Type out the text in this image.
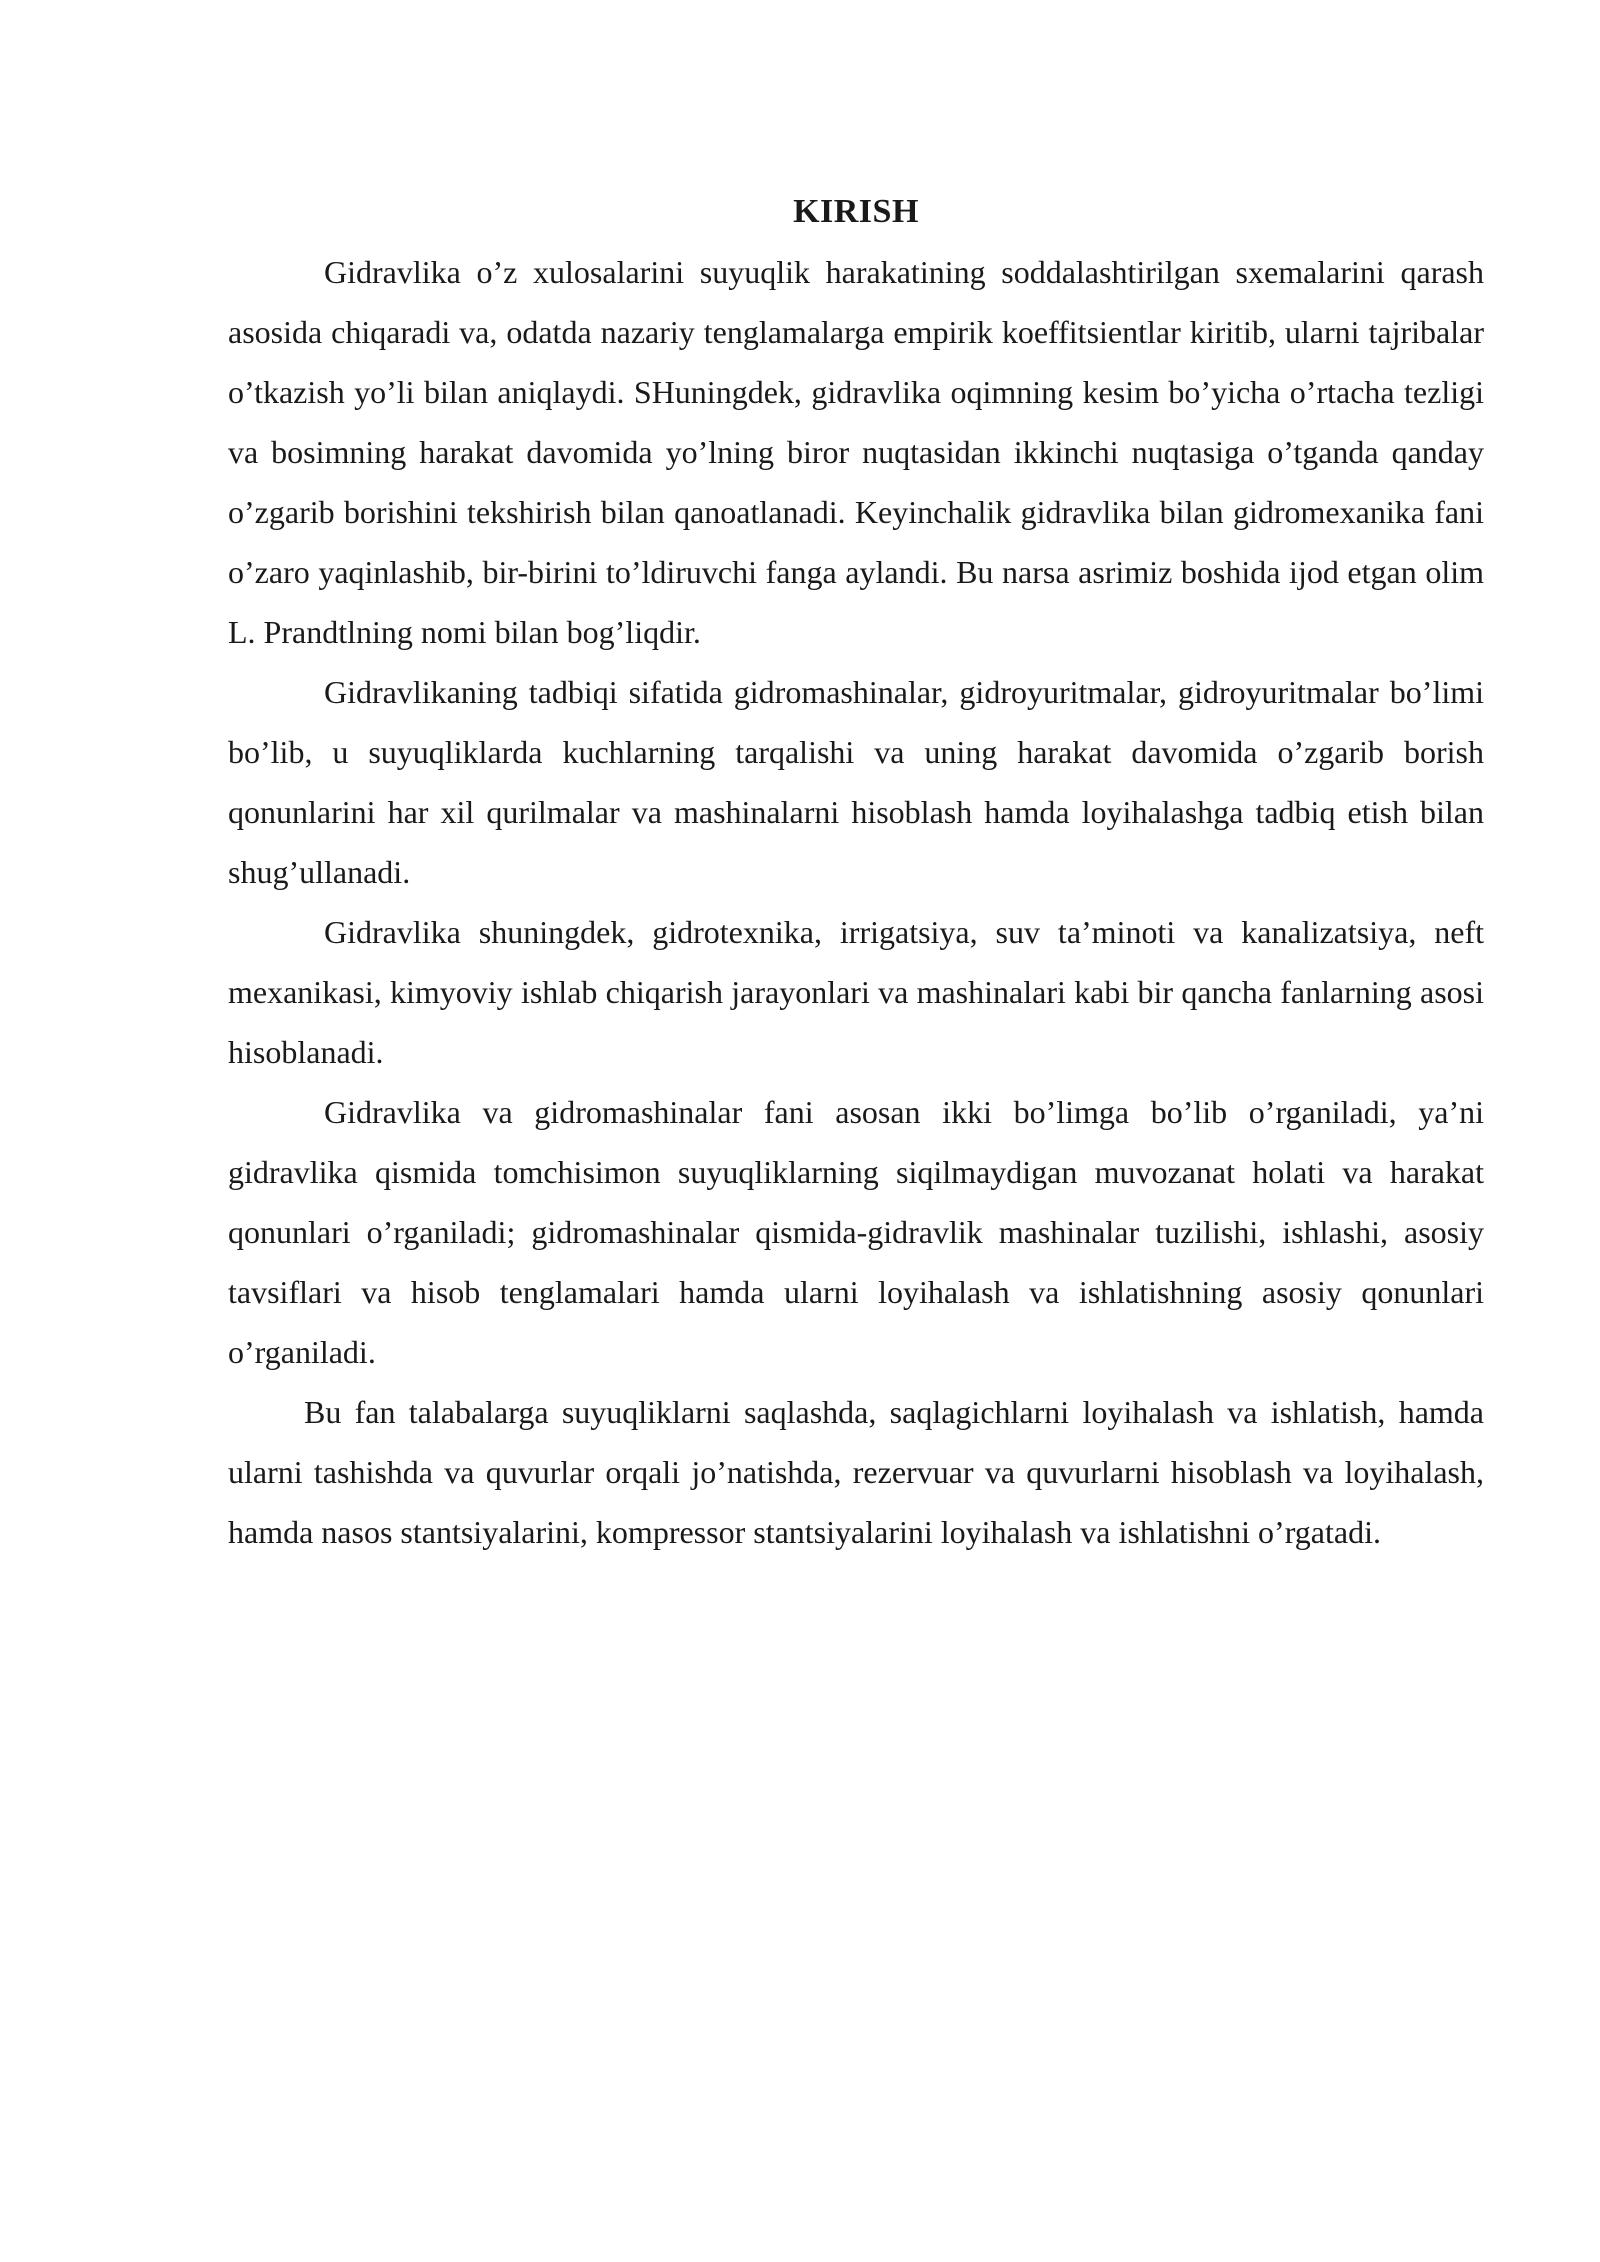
KIRISH

Gidravlika o’z xulosalarini suyuqlik harakatining soddalashtirilgan sxemalarini qarash asosida chiqaradi va, odatda nazariy tenglamalarga empirik koeffitsientlar kiritib, ularni tajribalar o’tkazish yo’li bilan aniqlaydi. SHuningdek, gidravlika oqimning kesim bo’yicha o’rtacha tezligi va bosimning harakat davomida yo’lning biror nuqtasidan ikkinchi nuqtasiga o’tganda qanday o’zgarib borishini tekshirish bilan qanoatlanadi. Keyinchalik gidravlika bilan gidromexanika fani o’zaro yaqinlashib, bir-birini to’ldiruvchi fanga aylandi. Bu narsa asrimiz boshida ijod etgan olim L. Prandtlning nomi bilan bog’liqdir.

Gidravlikaning tadbiqi sifatida gidromashinalar, gidroyuritmalar, gidroyuritmalar bo’limi bo’lib, u suyuqliklarda kuchlarning tarqalishi va uning harakat davomida o’zgarib borish qonunlarini har xil qurilmalar va mashinalarni hisoblash hamda loyihalashga tadbiq etish bilan shug’ullanadi.

Gidravlika shuningdek, gidrotexnika, irrigatsiya, suv ta’minoti va kanalizatsiya, neft mexanikasi, kimyoviy ishlab chiqarish jarayonlari va mashinalari kabi bir qancha fanlarning asosi hisoblanadi.

Gidravlika va gidromashinalar fani asosan ikki bo’limga bo’lib o’rganiladi, ya’ni gidravlika qismida tomchisimon suyuqliklarning siqilmaydigan muvozanat holati va harakat qonunlari o’rganiladi; gidromashinalar qismida-gidravlik mashinalar tuzilishi, ishlashi, asosiy tavsiflari va hisob tenglamalari hamda ularni loyihalash va ishlatishning asosiy qonunlari o’rganiladi.

Bu fan talabalarga suyuqliklarni saqlashda, saqlagichlarni loyihalash va ishlatish, hamda ularni tashishda va quvurlar orqali jo’natishda, rezervuar va quvurlarni hisoblash va loyihalash, hamda nasos stantsiyalarini, kompressor stantsiyalarini loyihalash va ishlatishni o’rgatadi.
